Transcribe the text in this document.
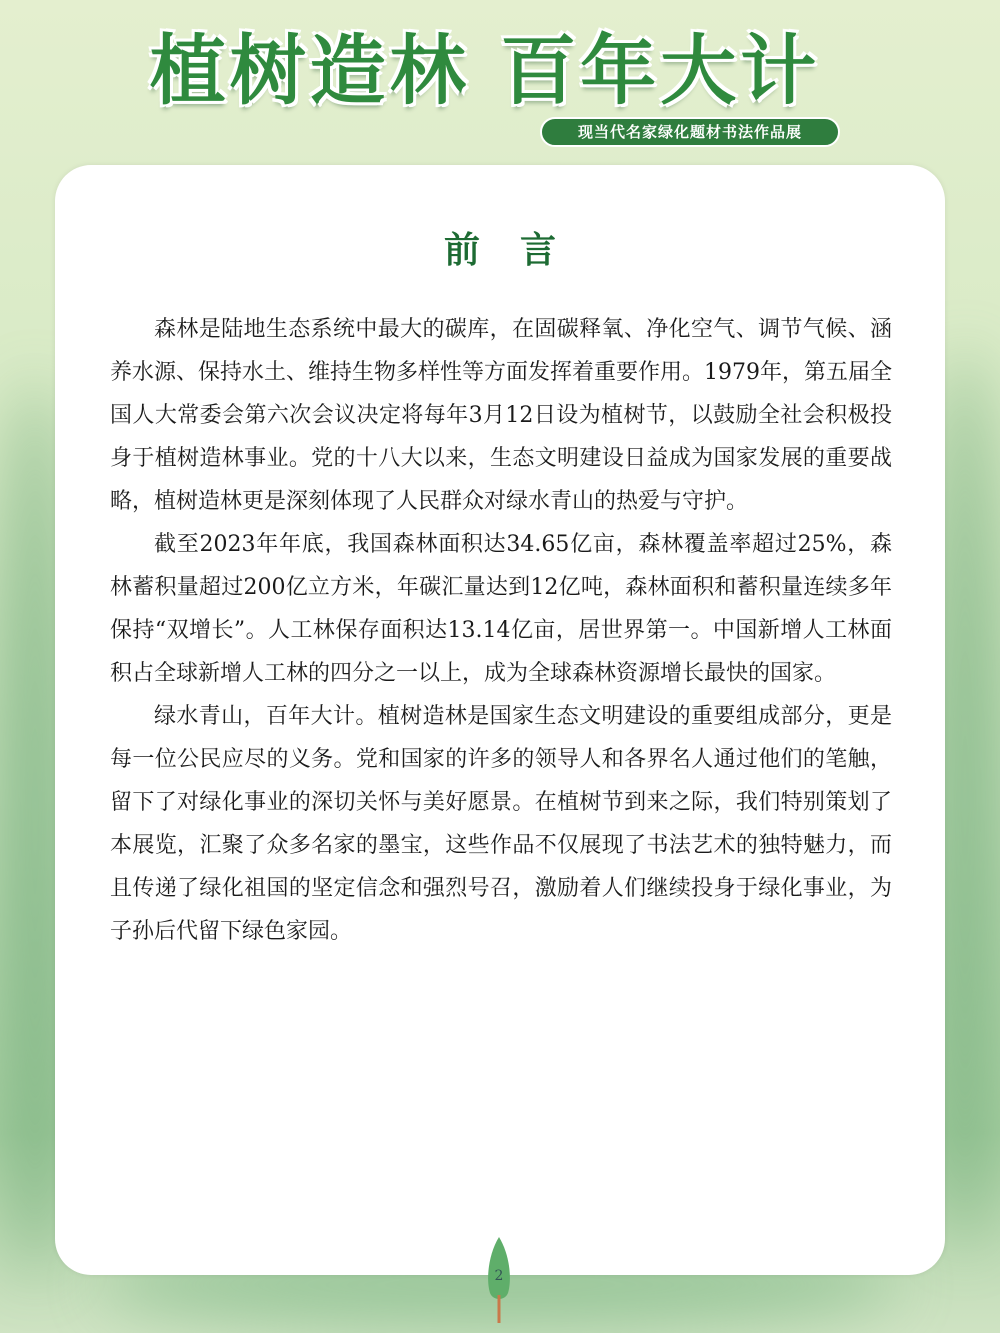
植树造林 百年大计
现当代名家绿化题材书法作品展
前言

森林是陆地生态系统中最大的碳库，在固碳释氧、净化空气、调节气候、涵养水源、保持水土、维持生物多样性等方面发挥着重要作用。1979年，第五届全国人大常委会第六次会议决定将每年3月12日设为植树节，以鼓励全社会积极投身于植树造林事业。党的十八大以来，生态文明建设日益成为国家发展的重要战略，植树造林更是深刻体现了人民群众对绿水青山的热爱与守护。

截至2023年年底，我国森林面积达34.65亿亩，森林覆盖率超过25%，森林蓄积量超过200亿立方米，年碳汇量达到12亿吨，森林面积和蓄积量连续多年保持“双增长”。人工林保存面积达13.14亿亩，居世界第一。中国新增人工林面积占全球新增人工林的四分之一以上，成为全球森林资源增长最快的国家。

绿水青山，百年大计。植树造林是国家生态文明建设的重要组成部分，更是每一位公民应尽的义务。党和国家的许多的领导人和各界名人通过他们的笔触，留下了对绿化事业的深切关怀与美好愿景。在植树节到来之际，我们特别策划了本展览，汇聚了众多名家的墨宝，这些作品不仅展现了书法艺术的独特魅力，而且传递了绿化祖国的坚定信念和强烈号召，激励着人们继续投身于绿化事业，为子孙后代留下绿色家园。

2
